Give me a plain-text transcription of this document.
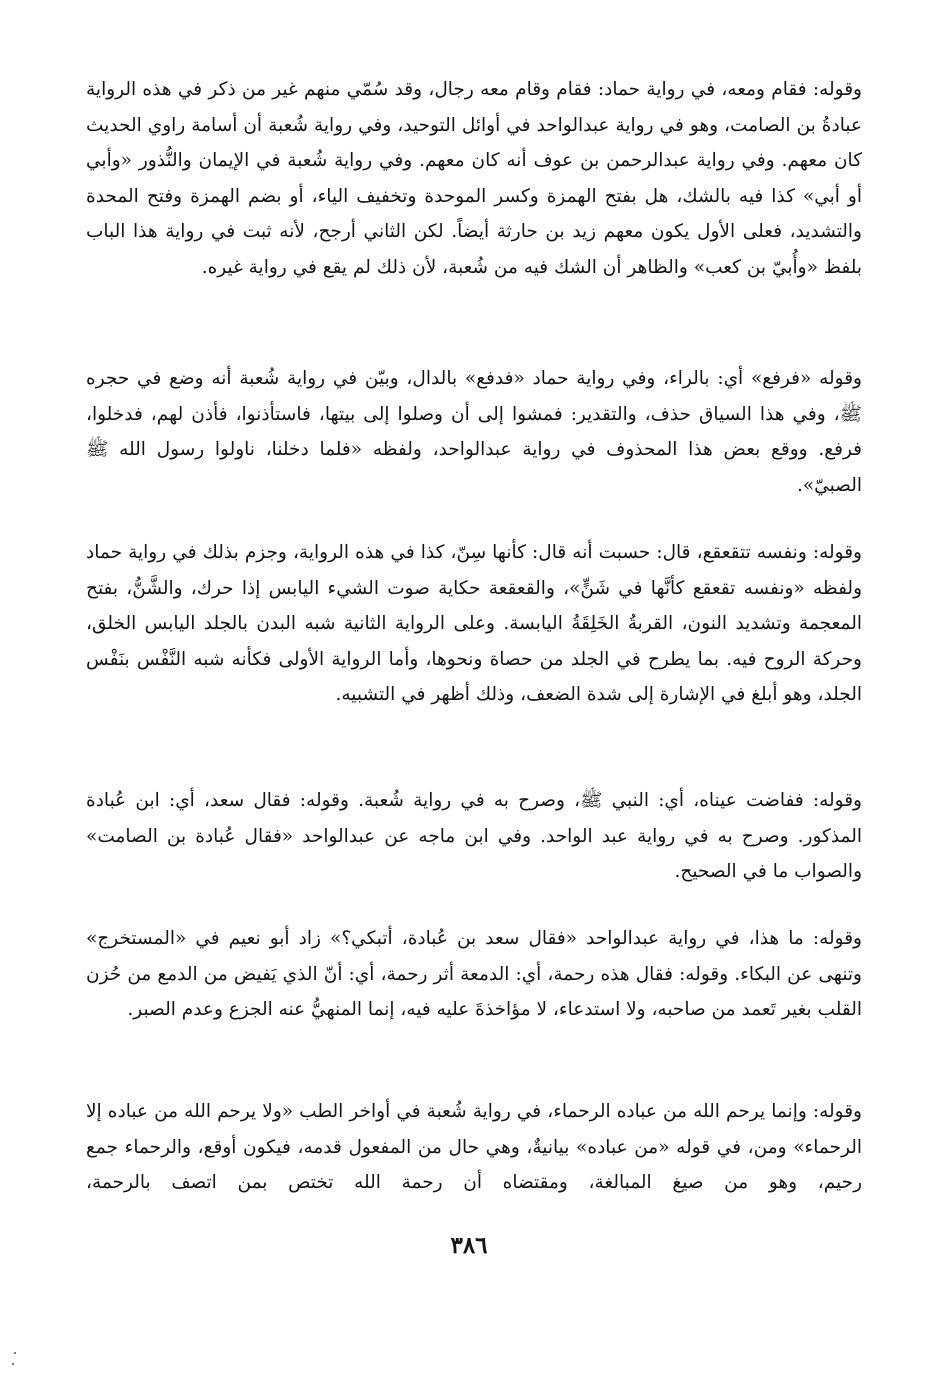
وقوله: فقام ومعه، في رواية حماد: فقام وقام معه رجال، وقد سُمّي منهم غير من ذكر في هذه الرواية عبادةُ بن الصامت، وهو في رواية عبدالواحد في أوائل التوحيد، وفي رواية شُعبة أن أسامة راوي الحديث كان معهم. وفي رواية عبدالرحمن بن عوف أنه كان معهم. وفي رواية شُعبة في الإيمان والنُّذور «وأبي أو أبي» كذا فيه بالشك، هل بفتح الهمزة وكسر الموحدة وتخفيف الياء، أو بضم الهمزة وفتح المحدة والتشديد، فعلى الأول يكون معهم زيد بن حارثة أيضاً. لكن الثاني أرجح، لأنه ثبت في رواية هذا الباب بلفظ «وأُبيّ بن كعب» والظاهر أن الشك فيه من شُعبة، لأن ذلك لم يقع في رواية غيره.

وقوله «فرفع» أي: بالراء، وفي رواية حماد «فدفع» بالدال، وبيّن في رواية شُعبة أنه وضع في حجره ﷺ، وفي هذا السياق حذف، والتقدير: فمشوا إلى أن وصلوا إلى بيتها، فاستأذنوا، فأذن لهم، فدخلوا، فرفع. ووقع بعض هذا المحذوف في رواية عبدالواحد، ولفظه «فلما دخلنا، ناولوا رسول الله ﷺ الصبيّ».

وقوله: ونفسه تتقعقع، قال: حسبت أنه قال: كأنها سِنّ، كذا في هذه الرواية، وجزم بذلك في رواية حماد ولفظه «ونفسه تقعقع كأنَّها في شَنٍّ»، والقعقعة حكاية صوت الشيء اليابس إذا حرك، والشَّنُّ، بفتح المعجمة وتشديد النون، القربةُ الخَلِقَةُ اليابسة. وعلى الرواية الثانية شبه البدن بالجلد اليابس الخلق، وحركة الروح فيه. بما يطرح في الجلد من حصاة ونحوها، وأما الرواية الأولى فكأنه شبه النَّفْس بنَفْس الجلد، وهو أبلغ في الإشارة إلى شدة الضعف، وذلك أظهر في التشبيه.

وقوله: ففاضت عيناه، أي: النبي ﷺ، وصرح به في رواية شُعبة. وقوله: فقال سعد، أي: ابن عُبادة المذكور. وصرح به في رواية عبد الواحد. وفي ابن ماجه عن عبدالواحد «فقال عُبادة بن الصامت» والصواب ما في الصحيح.

وقوله: ما هذا، في رواية عبدالواحد «فقال سعد بن عُبادة، أتبكي؟» زاد أبو نعيم في «المستخرج» وتنهى عن البكاء. وقوله: فقال هذه رحمة، أي: الدمعة أثر رحمة، أي: أنّ الذي يَفيض من الدمع من حُزن القلب بغير تَعمد من صاحبه، ولا استدعاء، لا مؤاخذةَ عليه فيه، إنما المنهيُّ عنه الجزع وعدم الصبر.

وقوله: وإنما يرحم الله من عباده الرحماء، في رواية شُعبة في أواخر الطب «ولا يرحم الله من عباده إلا الرحماء» ومن، في قوله «من عباده» بيانيةٌ، وهي حال من المفعول قدمه، فيكون أوقع، والرحماء جمع رحيم، وهو من صيغ المبالغة، ومقتضاه أن رحمة الله تختص بمن اتصف بالرحمة،

٣٨٦
